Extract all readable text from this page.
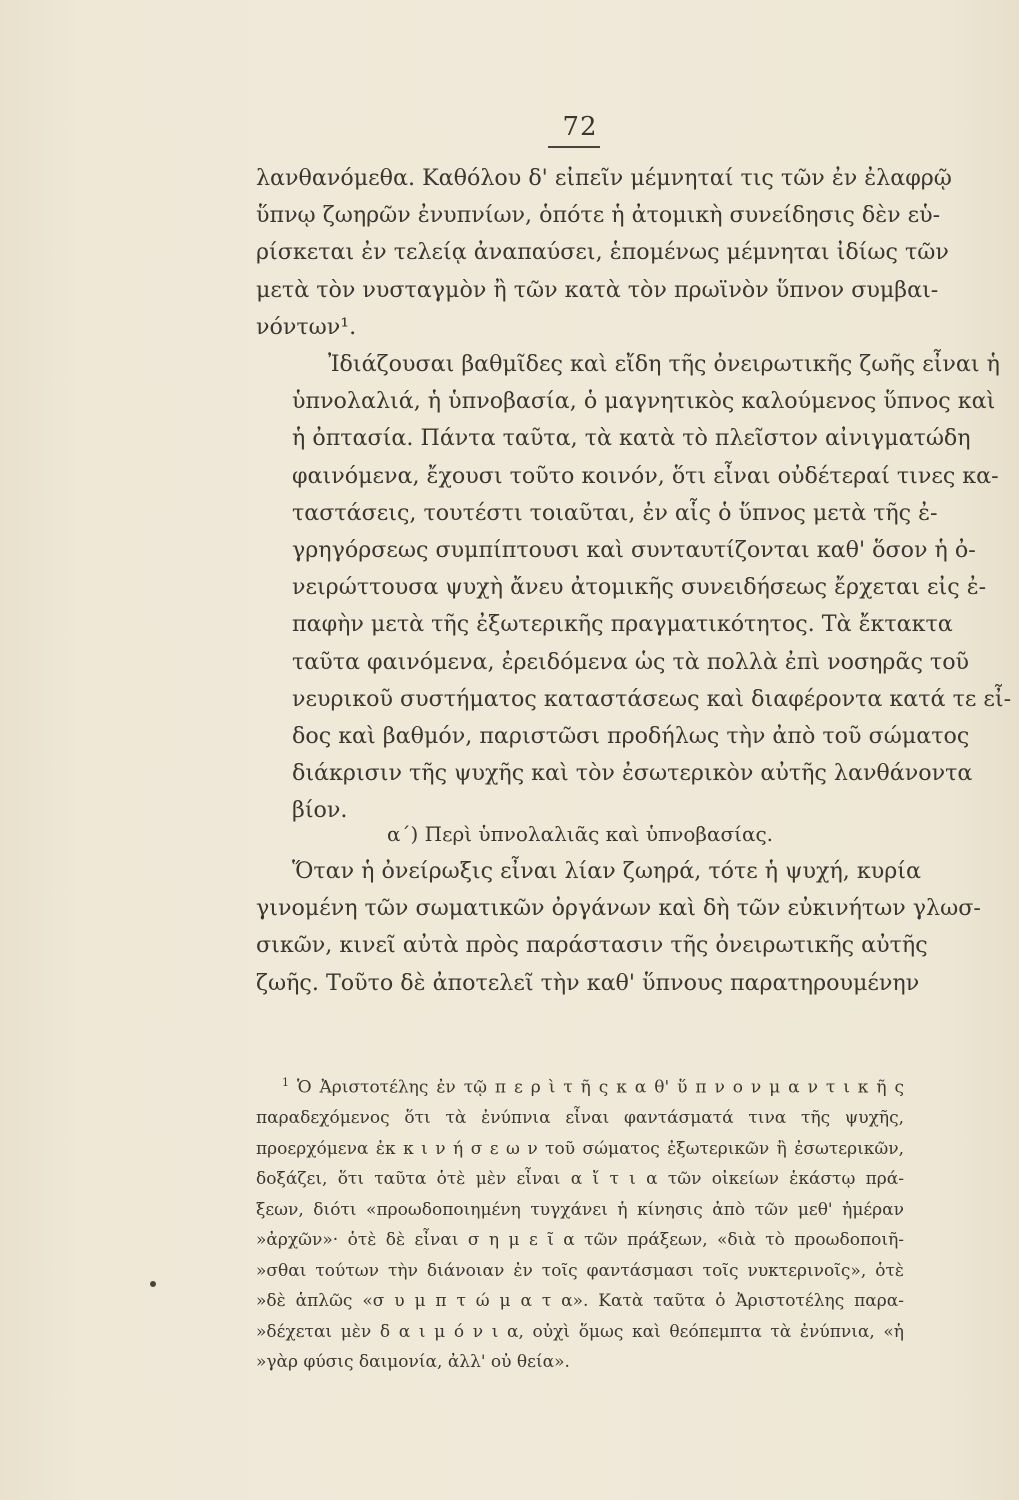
72

λανθανόμεθα. Καθόλου δ' εἰπεῖν μέμνηταί τις τῶν ἐν ἐλαφρῷ
ὕπνῳ ζωηρῶν ἐνυπνίων, ὁπότε ἡ ἀτομικὴ συνείδησις δὲν εὑ-
ρίσκεται ἐν τελείᾳ ἀναπαύσει, ἑπομένως μέμνηται ἰδίως τῶν
μετὰ τὸν νυσταγμὸν ἢ τῶν κατὰ τὸν πρωϊνὸν ὕπνον συμβαι-
νόντων¹.

Ἰδιάζουσαι βαθμῖδες καὶ εἴδη τῆς ὀνειρωτικῆς ζωῆς εἶναι ἡ
ὑπνολαλιά, ἡ ὑπνοβασία, ὁ μαγνητικὸς καλούμενος ὕπνος καὶ
ἡ ὀπτασία. Πάντα ταῦτα, τὰ κατὰ τὸ πλεῖστον αἰνιγματώδη
φαινόμενα, ἔχουσι τοῦτο κοινόν, ὅτι εἶναι οὐδέτεραί τινες κα-
ταστάσεις, τουτέστι τοιαῦται, ἐν αἷς ὁ ὕπνος μετὰ τῆς ἐ-
γρηγόρσεως συμπίπτουσι καὶ συνταυτίζονται καθ' ὅσον ἡ ὀ-
νειρώττουσα ψυχὴ ἄνευ ἀτομικῆς συνειδήσεως ἔρχεται εἰς ἐ-
παφὴν μετὰ τῆς ἐξωτερικῆς πραγματικότητος. Τὰ ἔκτακτα
ταῦτα φαινόμενα, ἐρειδόμενα ὡς τὰ πολλὰ ἐπὶ νοσηρᾶς τοῦ
νευρικοῦ συστήματος καταστάσεως καὶ διαφέροντα κατά τε εἶ-
δος καὶ βαθμόν, παριστῶσι προδήλως τὴν ἀπὸ τοῦ σώματος
διάκρισιν τῆς ψυχῆς καὶ τὸν ἐσωτερικὸν αὐτῆς λανθάνοντα
βίον.

α΄) Περὶ ὑπνολαλιᾶς καὶ ὑπνοβασίας.
Ὅταν ἡ ὀνείρωξις εἶναι λίαν ζωηρά, τότε ἡ ψυχή, κυρία
γινομένη τῶν σωματικῶν ὀργάνων καὶ δὴ τῶν εὐκινήτων γλωσ-
σικῶν, κινεῖ αὐτὰ πρὸς παράστασιν τῆς ὀνειρωτικῆς αὐτῆς
ζωῆς. Τοῦτο δὲ ἀποτελεῖ τὴν καθ' ὕπνους παρατηρουμένην
$^1$ Ὁ Ἀριστοτέλης ἐν τῷ π ε ρ ὶ τ ῆ ς κ α θ' ὕ π ν ο ν μ α ν τ ι κ ῆ ς
παραδεχόμενος ὅτι τὰ ἐνύπνια εἶναι φαντάσματά τινα τῆς ψυχῆς,
προερχόμενα ἐκ κ ι ν ή σ ε ω ν τοῦ σώματος ἐξωτερικῶν ἢ ἐσωτερικῶν,
δοξάζει, ὅτι ταῦτα ὁτὲ μὲν εἶναι α ἴ τ ι α τῶν οἰκείων ἑκάστῳ πρά-
ξεων, διότι «προωδοποιημένη τυγχάνει ἡ κίνησις ἀπὸ τῶν μεθ' ἡμέραν
»ἀρχῶν»· ὁτὲ δὲ εἶναι σ η μ ε ῖ α τῶν πράξεων, «διὰ τὸ προωδοποιῆ-
»σθαι τούτων τὴν διάνοιαν ἐν τοῖς φαντάσμασι τοῖς νυκτερινοῖς», ὁτὲ
»δὲ ἁπλῶς «σ υ μ π τ ώ μ α τ α». Κατὰ ταῦτα ὁ Ἀριστοτέλης παρα-
»δέχεται μὲν δ α ι μ ό ν ι α, οὐχὶ ὅμως καὶ θεόπεμπτα τὰ ἐνύπνια, «ἡ
»γὰρ φύσις δαιμονία, ἀλλ' οὐ θεία».
